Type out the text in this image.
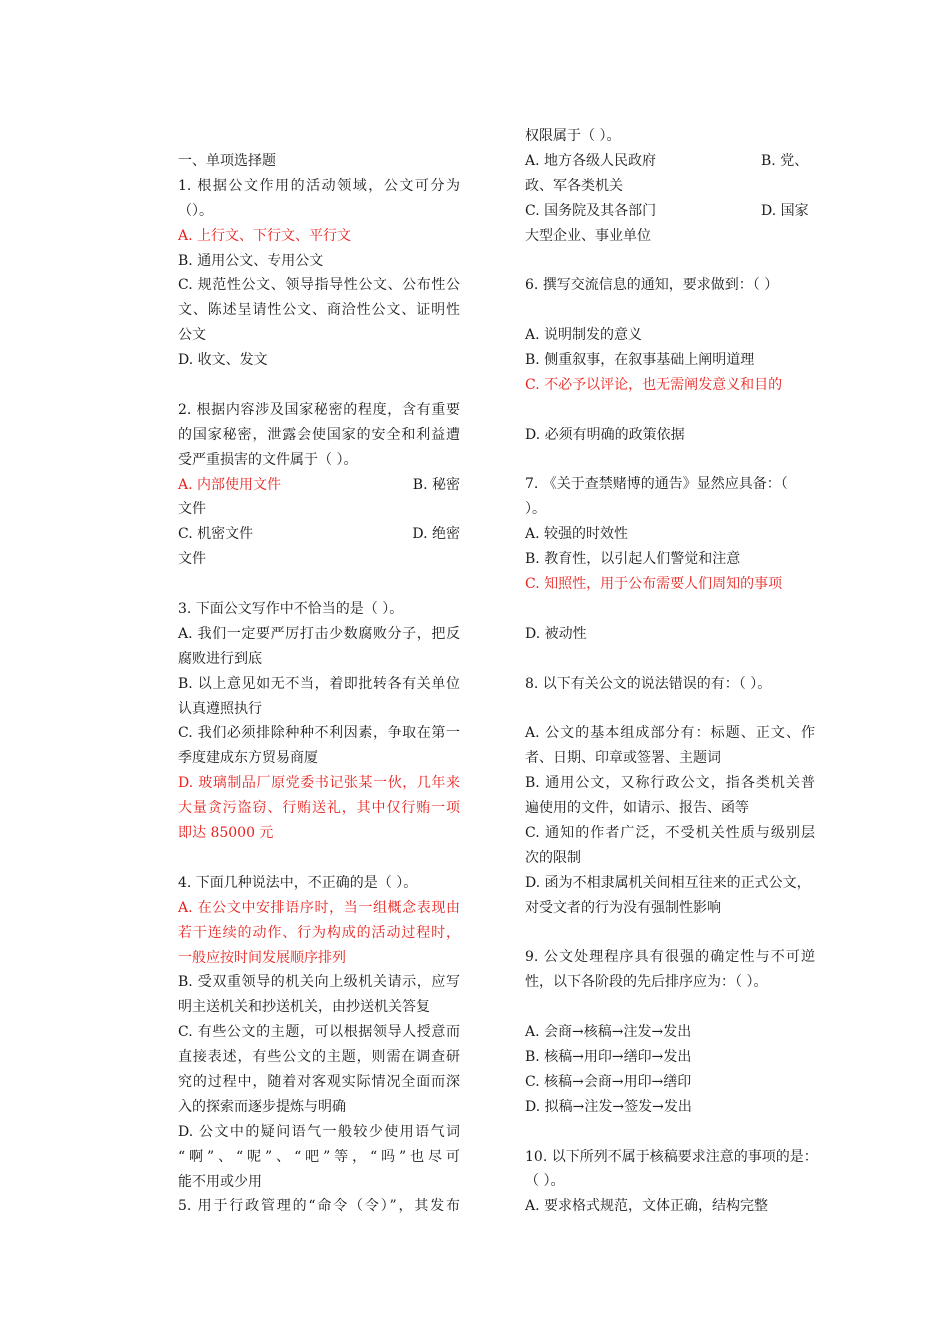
一、单项选择题
1. 根据公文作用的活动领域，公文可分为
（）。
A. 上行文、下行文、平行文
B. 通用公文、专用公文
C. 规范性公文、领导指导性公文、公布性公
文、陈述呈请性公文、商洽性公文、证明性
公文
D. 收文、发文
2. 根据内容涉及国家秘密的程度，含有重要
的国家秘密，泄露会使国家的安全和利益遭
受严重损害的文件属于（ ）。
A. 内部使用文件	B. 秘密
文件
C. 机密文件	D. 绝密
文件
3. 下面公文写作中不恰当的是（ ）。
A. 我们一定要严厉打击少数腐败分子，把反
腐败进行到底
B. 以上意见如无不当，着即批转各有关单位
认真遵照执行
C. 我们必须排除种种不利因素，争取在第一
季度建成东方贸易商厦
D. 玻璃制品厂原党委书记张某一伙，几年来
大量贪污盗窃、行贿送礼，其中仅行贿一项
即达 85000 元
4. 下面几种说法中，不正确的是（ ）。
A. 在公文中安排语序时，当一组概念表现由
若干连续的动作、行为构成的活动过程时，
一般应按时间发展顺序排列
B. 受双重领导的机关向上级机关请示，应写
明主送机关和抄送机关，由抄送机关答复
C. 有些公文的主题，可以根据领导人授意而
直接表述，有些公文的主题，则需在调查研
究的过程中，随着对客观实际情况全面而深
入的探索而逐步提炼与明确
D. 公文中的疑问语气一般较少使用语气词
“啊”、“呢”、“吧”等，“吗”也尽可
能不用或少用
5. 用于行政管理的“命令（令）”，其发布
权限属于（ ）。
A. 地方各级人民政府	B. 党、
政、军各类机关
C. 国务院及其各部门	D. 国家
大型企业、事业单位
6. 撰写交流信息的通知，要求做到：（ ）
A. 说明制发的意义
B. 侧重叙事，在叙事基础上阐明道理
C. 不必予以评论，也无需阐发意义和目的
D. 必须有明确的政策依据
7. 《关于查禁赌博的通告》显然应具备：（
）。
A. 较强的时效性
B. 教育性，以引起人们警觉和注意
C. 知照性，用于公布需要人们周知的事项
D. 被动性
8. 以下有关公文的说法错误的有：（ ）。
A. 公文的基本组成部分有：标题、正文、作
者、日期、印章或签署、主题词
B. 通用公文，又称行政公文，指各类机关普
遍使用的文件，如请示、报告、函等
C. 通知的作者广泛，不受机关性质与级别层
次的限制
D. 函为不相隶属机关间相互往来的正式公文，
对受文者的行为没有强制性影响
9. 公文处理程序具有很强的确定性与不可逆
性，以下各阶段的先后排序应为：（ ）。
A. 会商→核稿→注发→发出
B. 核稿→用印→缮印→发出
C. 核稿→会商→用印→缮印
D. 拟稿→注发→签发→发出
10. 以下所列不属于核稿要求注意的事项的是：
（ ）。
A. 要求格式规范，文体正确，结构完整
